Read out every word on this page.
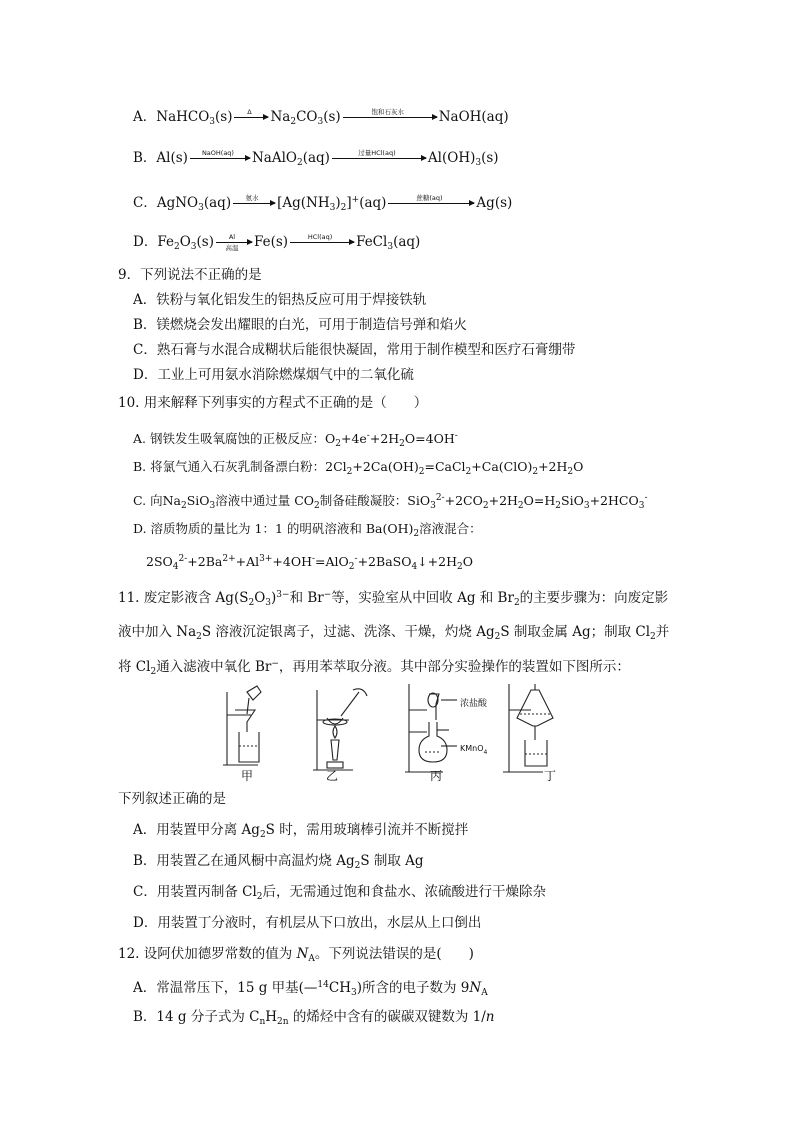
A．NaHCO$_3$(s)	Δ	$Na_2CO_3(s)$	饱和石灰水	NaOH(aq)
B．Al(s)	NaOH(aq)	NaAlO$_2$(aq)	过量HCl(aq)	$Al(OH)_3(s)$
C．AgNO$_3$(aq)	氨水	$[Ag(NH_3)_2]^+(aq)$	蔗糖(aq)	Ag(s)
D．$Fe_2O_3(s)$	Al
高温	Fe(s)	HCl(aq)	FeCl$_3$(aq)
9．下列说法不正确的是
A．铁粉与氧化铝发生的铝热反应可用于焊接铁轨
B．镁燃烧会发出耀眼的白光，可用于制造信号弹和焰火
C．熟石膏与水混合成糊状后能很快凝固，常用于制作模型和医疗石膏绷带
D．工业上可用氨水消除燃煤烟气中的二氧化硫
10. 用来解释下列事实的方程式不正确的是（　　）
A. 钢铁发生吸氧腐蚀的正极反应：$O_2+4e^-+2H_2O=4OH^-$
B. 将氯气通入石灰乳制备漂白粉：$2Cl_2+2Ca(OH)_2=CaCl_2+Ca(ClO)_2+2H_2O$
C. 向$Na_2SiO_3$溶液中通过量 $CO_2$制备硅酸凝胶：$SiO_3^{2-}+2CO_2+2H_2O=H_2SiO_3+2HCO_3^-$
D. 溶质物质的量比为 1：1 的明矾溶液和 $Ba(OH)_2$溶液混合：
$2SO_4^{2-}+2Ba^{2+}+Al^{3+}+4OH^-=AlO_2^-+2BaSO_4↓+2H_2O$
11. 废定影液含 $Ag(S_2O_3)^{3-}$和 Br−等，实验室从中回收 Ag 和 $Br_2$的主要步骤为：向废定影
液中加入 $Na_2S$ 溶液沉淀银离子，过滤、洗涤、干燥，灼烧 $Ag_2S$ 制取金属 Ag；制取 $Cl_2$并
将 $Cl_2$通入滤液中氧化 Br−，再用苯萃取分液。其中部分实验操作的装置如下图所示：
浓盐酸
KMnO$_4$
甲	乙	丙	丁
下列叙述正确的是
A．用装置甲分离 $Ag_2S$ 时，需用玻璃棒引流并不断搅拌
B．用装置乙在通风橱中高温灼烧 $Ag_2S$ 制取 Ag
C．用装置丙制备 $Cl_2$后，无需通过饱和食盐水、浓硫酸进行干燥除杂
D．用装置丁分液时，有机层从下口放出，水层从上口倒出
12. 设阿伏加德罗常数的值为 $N_A$。下列说法错误的是(　　)
A．常温常压下，15 g 甲基$(—^{14}CH_3)$所含的电子数为 $9N_A$
B．14 g 分子式为 $C_nH_{2n}$ 的烯烃中含有的碳碳双键数为 1/n
